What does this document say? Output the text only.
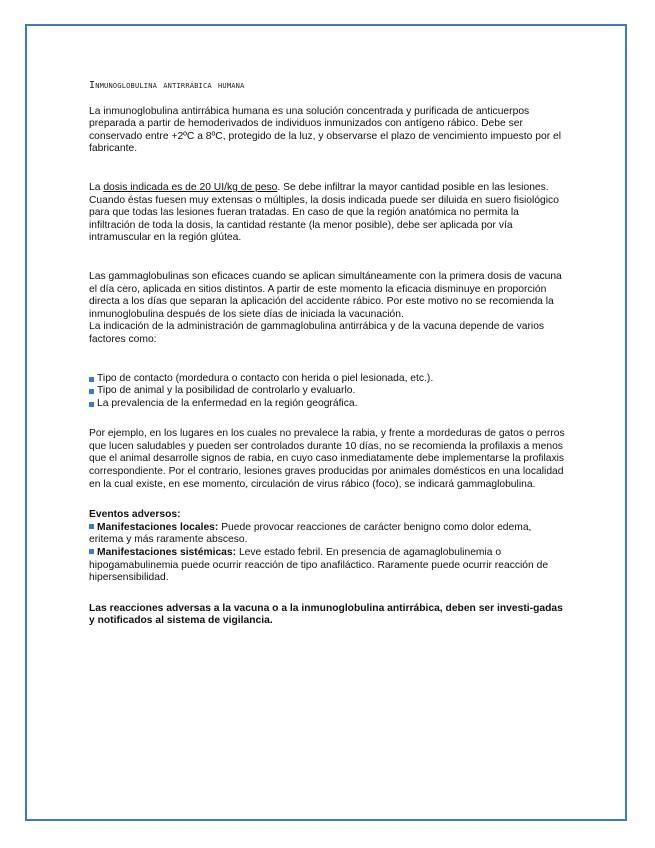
Inmunoglobulina antirrábica humana

La inmunoglobulina antirrábica humana es una solución concentrada y purificada de anticuerpos preparada a partir de hemoderivados de individuos inmunizados con antígeno rábico. Debe ser conservado entre +2ºC a 8ºC, protegido de la luz, y observarse el plazo de vencimiento impuesto por el fabricante.

La dosis indicada es de 20 UI/kg de peso. Se debe infiltrar la mayor cantidad posible en las lesiones. Cuando éstas fuesen muy extensas o múltiples, la dosis indicada puede ser diluida en suero fisiológico para que todas las lesiones fueran tratadas. En caso de que la región anatómica no permita la infiltración de toda la dosis, la cantidad restante (la menor posible), debe ser aplicada por vía intramuscular en la región glútea.

Las gammaglobulinas son eficaces cuando se aplican simultáneamente con la primera dosis de vacuna el día cero, aplicada en sitios distintos. A partir de este momento la eficacia disminuye en proporción directa a los días que separan la aplicación del accidente rábico. Por este motivo no se recomienda la inmunoglobulina después de los siete días de iniciada la vacunación.

La indicación de la administración de gammaglobulina antirrábica y de la vacuna depende de varios factores como:

Tipo de contacto (mordedura o contacto con herida o piel lesionada, etc.).
Tipo de animal y la posibilidad de controlarlo y evaluarlo.
La prevalencia de la enfermedad en la región geográfica.

Por ejemplo, en los lugares en los cuales no prevalece la rabia, y frente a mordeduras de gatos o perros que lucen saludables y pueden ser controlados durante 10 días, no se recomienda la profilaxis a menos que el animal desarrolle signos de rabia, en cuyo caso inmediatamente debe implementarse la profilaxis correspondiente. Por el contrario, lesiones graves producidas por animales domésticos en una localidad en la cual existe, en ese momento, circulación de virus rábico (foco), se indicará gammaglobulina.

Eventos adversos:

Manifestaciones locales: Puede provocar reacciones de carácter benigno como dolor edema, eritema y más raramente absceso.

Manifestaciones sistémicas: Leve estado febril. En presencia de agamaglobulinemia o hipogamabulinemia puede ocurrir reacción de tipo anafiláctico. Raramente puede ocurrir reacción de hipersensibilidad.

Las reacciones adversas a la vacuna o a la inmunoglobulina antirrábica, deben ser investi-gadas y notificados al sistema de vigilancia.
